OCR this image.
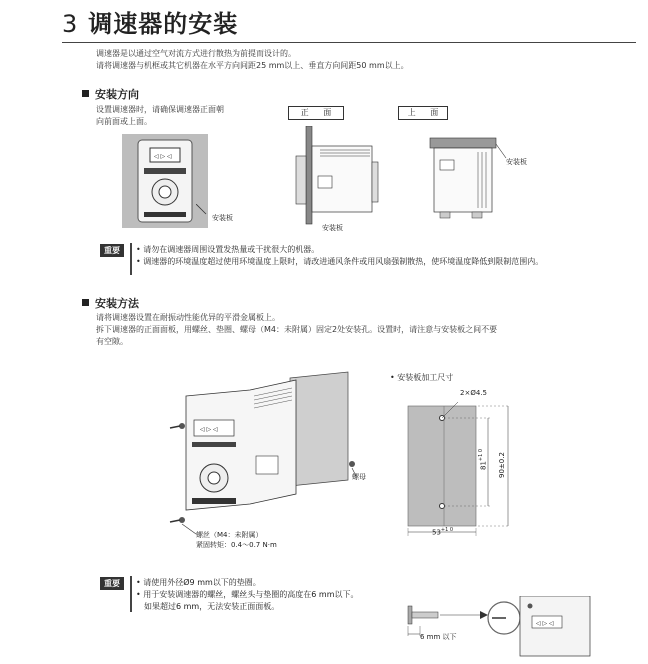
3 调速器的安装
调速器是以通过空气对流方式进行散热为前提而设计的。
请将调速器与机框或其它机器在水平方向间距25 mm以上、垂直方向间距50 mm以上。
安装方向
设置调速器时，请确保调速器正面朝
向前面或上面。
正 面	上 面
◁ ▷ ◁
安装板
安装板
安装板
重要	• 请勿在调速器周围设置发热量或干扰很大的机器。
• 调速器的环境温度超过使用环境温度上限时，请改进通风条件或用风扇强制散热，使环境温度降低到限制范围内。
安装方法
请将调速器设置在耐振动性能优异的平滑金属板上。
拆下调速器的正面面板，用螺丝、垫圈、螺母（M4：未附属）固定2处安装孔。设置时，请注意与安装板之间不要
有空隙。
◁ ▷ ◁
螺母
螺丝（M4：未附属）
紧固转矩：0.4～0.7 N·m
• 安装板加工尺寸
2×Ø4.5
$81^{+1 0}$	90±0.2
$53^{+1 0}$
重要	• 请使用外径Ø9 mm以下的垫圈。
• 用于安装调速器的螺丝，螺丝头与垫圈的高度在6 mm以下。
如果超过6 mm，无法安装正面面板。
◁ ▷ ◁
6 mm 以下
